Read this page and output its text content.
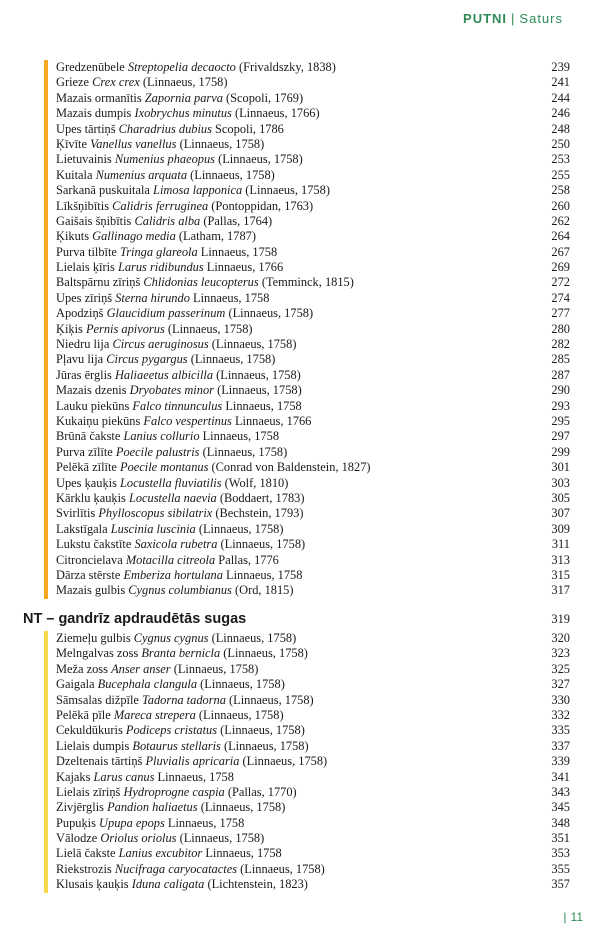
PUTNI | Saturs
Gredzenūbele Streptopelia decaocto (Frivaldszky, 1838)	239
Grieze Crex crex (Linnaeus, 1758)	241
Mazais ormanītis Zapornia parva (Scopoli, 1769)	244
Mazais dumpis Ixobrychus minutus (Linnaeus, 1766)	246
Upes tārtiņš Charadrius dubius Scopoli, 1786	248
Ķīvīte Vanellus vanellus (Linnaeus, 1758)	250
Lietuvainis Numenius phaeopus (Linnaeus, 1758)	253
Kuitala Numenius arquata (Linnaeus, 1758)	255
Sarkanā puskuitala Limosa lapponica (Linnaeus, 1758)	258
Līkšņibītis Calidris ferruginea (Pontoppidan, 1763)	260
Gaišais šņibītis Calidris alba (Pallas, 1764)	262
Ķikuts Gallinago media (Latham, 1787)	264
Purva tilbīte Tringa glareola Linnaeus, 1758	267
Lielais ķīris Larus ridibundus Linnaeus, 1766	269
Baltspārnu zīriņš Chlidonias leucopterus (Temminck, 1815)	272
Upes zīriņš Sterna hirundo Linnaeus, 1758	274
Apodziņš Glaucidium passerinum (Linnaeus, 1758)	277
Ķiķis Pernis apivorus (Linnaeus, 1758)	280
Niedru lija Circus aeruginosus (Linnaeus, 1758)	282
Pļavu lija Circus pygargus (Linnaeus, 1758)	285
Jūras ērglis Haliaeetus albicilla (Linnaeus, 1758)	287
Mazais dzenis Dryobates minor (Linnaeus, 1758)	290
Lauku piekūns Falco tinnunculus Linnaeus, 1758	293
Kukaiņu piekūns Falco vespertinus Linnaeus, 1766	295
Brūnā čakste Lanius collurio Linnaeus, 1758	297
Purva zīlīte Poecile palustris (Linnaeus, 1758)	299
Pelēkā zīlīte Poecile montanus (Conrad von Baldenstein, 1827)	301
Upes ķauķis Locustella fluviatilis (Wolf, 1810)	303
Kārklu ķauķis Locustella naevia (Boddaert, 1783)	305
Svirlītis Phylloscopus sibilatrix (Bechstein, 1793)	307
Lakstīgala Luscinia luscinia (Linnaeus, 1758)	309
Lukstu čakstīte Saxicola rubetra (Linnaeus, 1758)	311
Citroncielava Motacilla citreola Pallas, 1776	313
Dārza stērste Emberiza hortulana Linnaeus, 1758	315
Mazais gulbis Cygnus columbianus (Ord, 1815)	317
NT – gandrīz apdraudētās sugas	319
Ziemeļu gulbis Cygnus cygnus (Linnaeus, 1758)	320
Melngalvas zoss Branta bernicla (Linnaeus, 1758)	323
Meža zoss Anser anser (Linnaeus, 1758)	325
Gaigala Bucephala clangula (Linnaeus, 1758)	327
Sāmsalas dižpīle Tadorna tadorna (Linnaeus, 1758)	330
Pelēkā pīle Mareca strepera (Linnaeus, 1758)	332
Cekuldūkuris Podiceps cristatus (Linnaeus, 1758)	335
Lielais dumpis Botaurus stellaris (Linnaeus, 1758)	337
Dzeltenais tārtiņš Pluvialis apricaria (Linnaeus, 1758)	339
Kajaks Larus canus Linnaeus, 1758	341
Lielais zīriņš Hydroprogne caspia (Pallas, 1770)	343
Zivjērglis Pandion haliaetus (Linnaeus, 1758)	345
Pupuķis Upupa epops Linnaeus, 1758	348
Vālodze Oriolus oriolus (Linnaeus, 1758)	351
Lielā čakste Lanius excubitor Linnaeus, 1758	353
Riekstrozis Nucifraga caryocatactes (Linnaeus, 1758)	355
Klusais ķauķis Iduna caligata (Lichtenstein, 1823)	357
| 11
